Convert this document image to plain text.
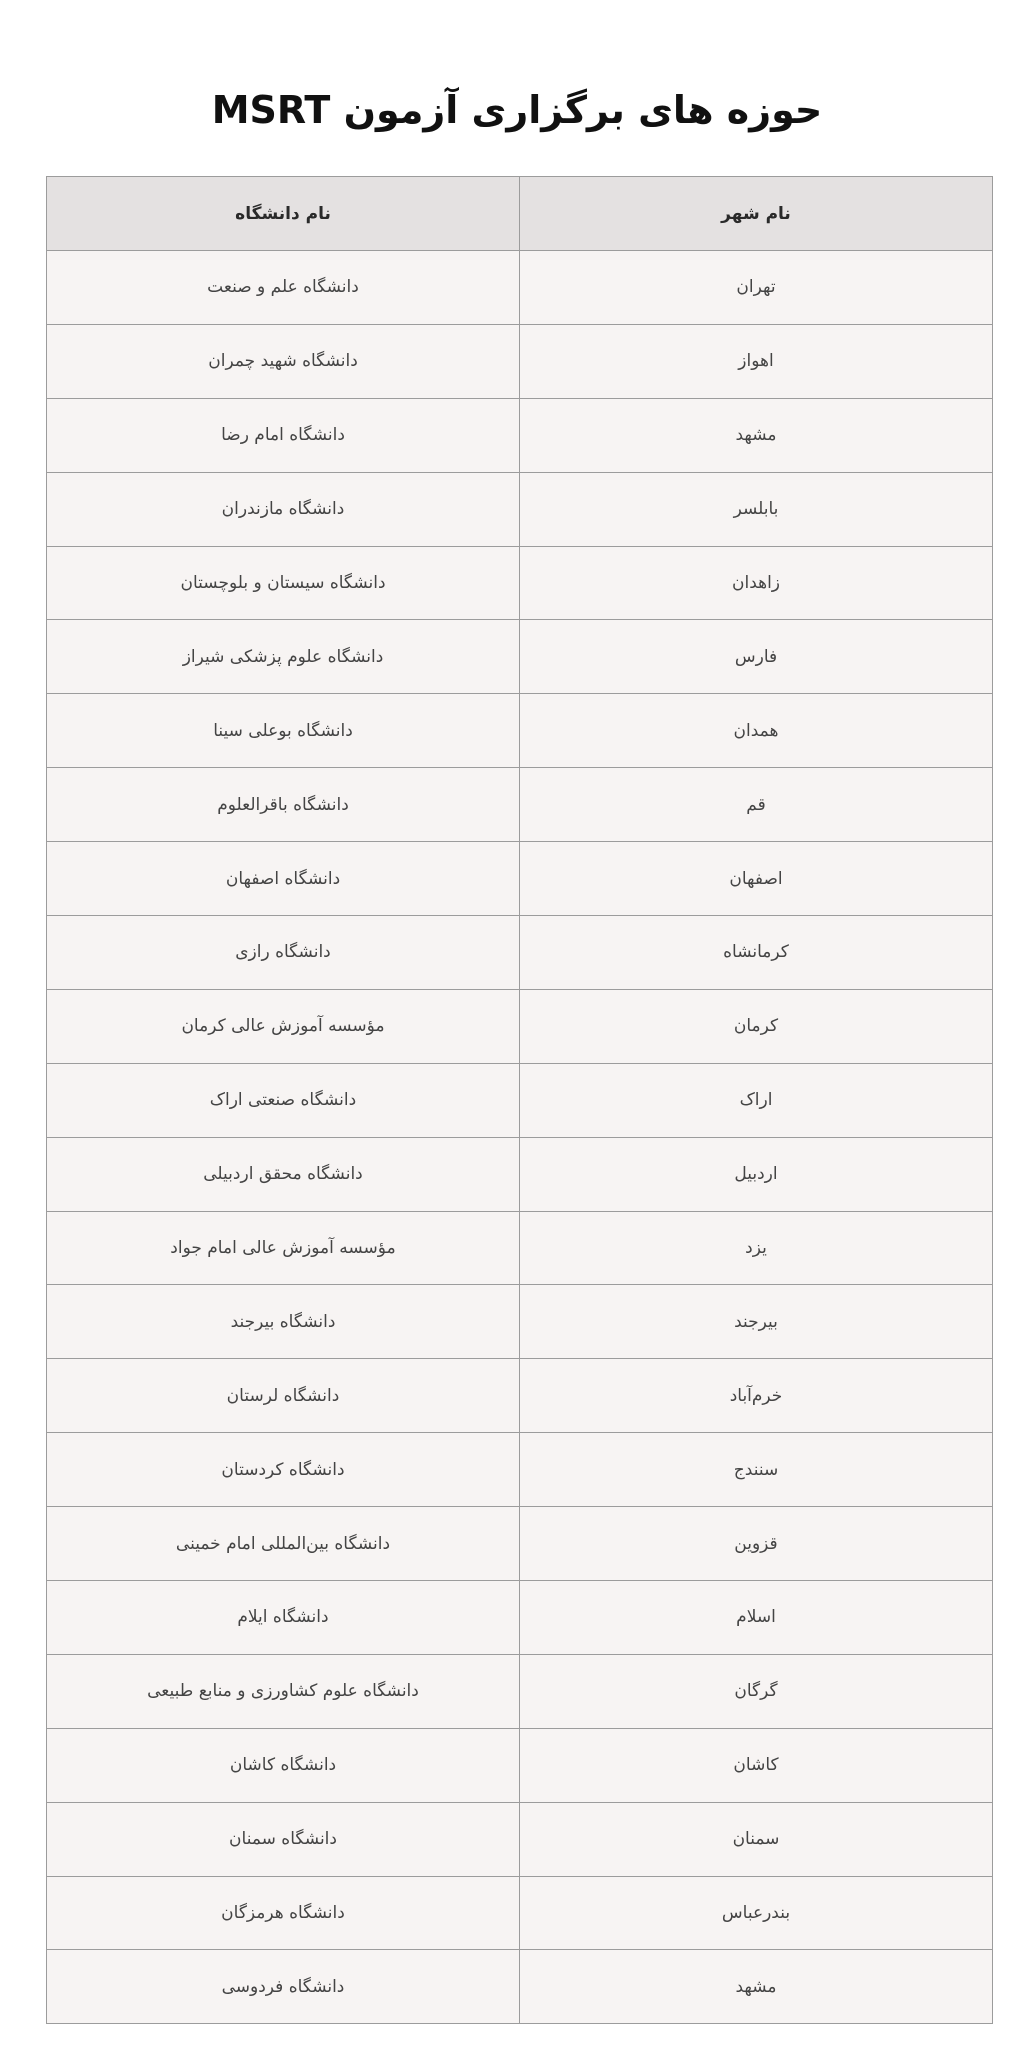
حوزه های برگزاری آزمون MSRT
نام شهر	نام دانشگاه
تهران	دانشگاه علم و صنعت
اهواز	دانشگاه شهید چمران
مشهد	دانشگاه امام رضا
بابلسر	دانشگاه مازندران
زاهدان	دانشگاه سیستان و بلوچستان
فارس	دانشگاه علوم پزشکی شیراز
همدان	دانشگاه بوعلی سینا
قم	دانشگاه باقرالعلوم
اصفهان	دانشگاه اصفهان
کرمانشاه	دانشگاه رازی
کرمان	مؤسسه آموزش عالی کرمان
اراک	دانشگاه صنعتی اراک
اردبیل	دانشگاه محقق اردبیلی
یزد	مؤسسه آموزش عالی امام جواد
بیرجند	دانشگاه بیرجند
خرم‌آباد	دانشگاه لرستان
سنندج	دانشگاه کردستان
قزوین	دانشگاه بین‌المللی امام خمینی
اسلام	دانشگاه ایلام
گرگان	دانشگاه علوم کشاورزی و منابع طبیعی
کاشان	دانشگاه کاشان
سمنان	دانشگاه سمنان
بندرعباس	دانشگاه هرمزگان
مشهد	دانشگاه فردوسی
